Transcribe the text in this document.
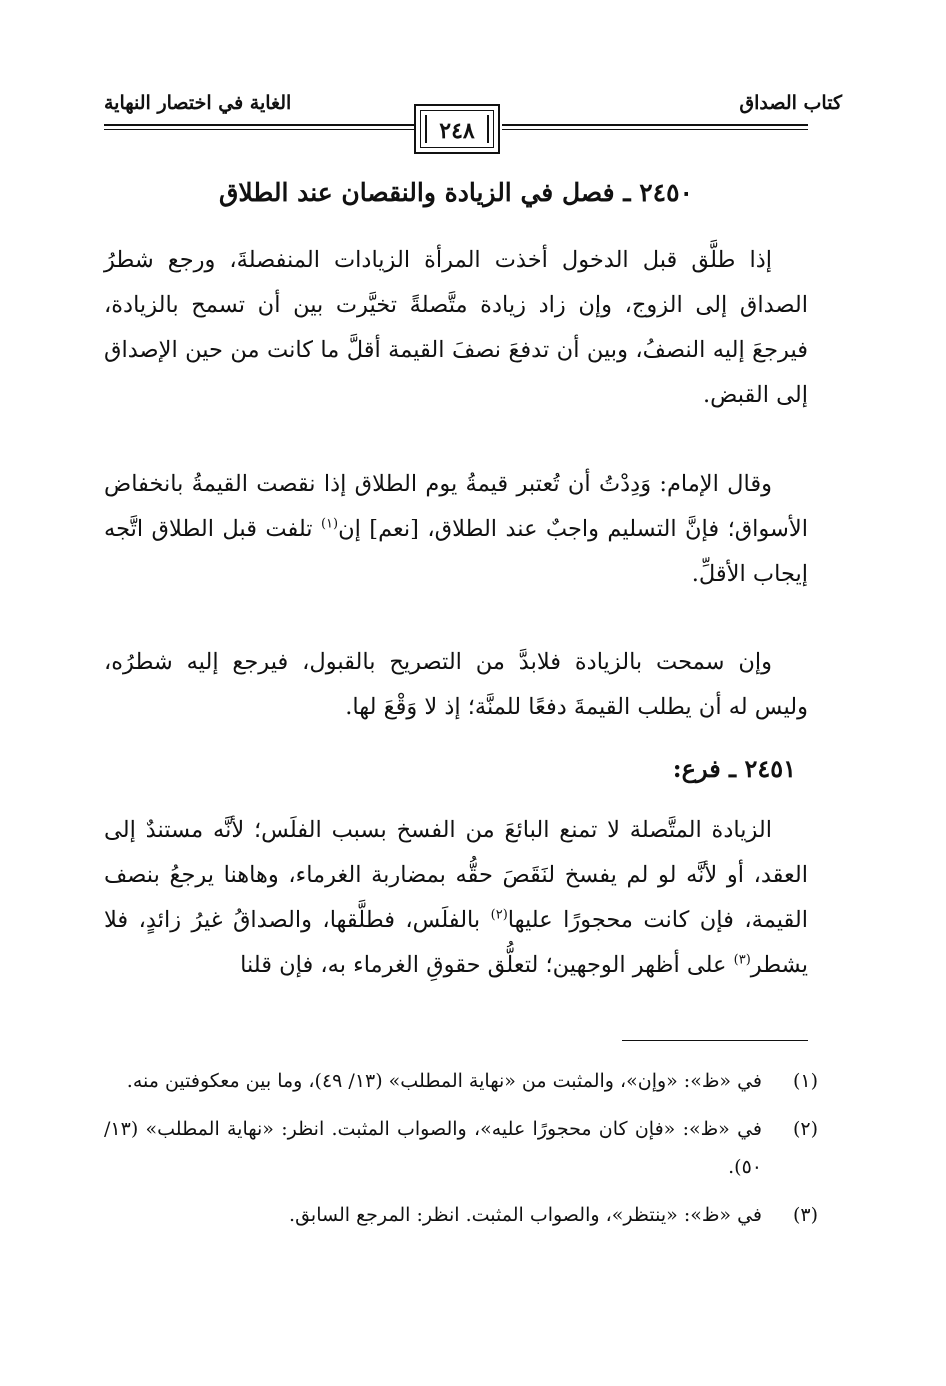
كتاب الصداق
الغاية في اختصار النهاية
٢٤٨
٢٤٥٠ ـ فصل في الزيادة والنقصان عند الطلاق

إذا طلَّق قبل الدخول أخذت المرأة الزيادات المنفصلةَ، ورجع شطرُ الصداق إلى الزوج، وإن زاد زيادة متَّصلةً تخيَّرت بين أن تسمح بالزيادة، فيرجعَ إليه النصفُ، وبين أن تدفعَ نصفَ القيمة أقلَّ ما كانت من حين الإصداق إلى القبض.

وقال الإمام: وَدِدْتُ أن تُعتبر قيمةُ يوم الطلاق إذا نقصت القيمةُ بانخفاض الأسواق؛ فإنَّ التسليم واجبٌ عند الطلاق، [نعم] إن$^{(١)}$ تلفت قبل الطلاق اتَّجه إيجاب الأقلِّ.

وإن سمحت بالزيادة فلابدَّ من التصريح بالقبول، فيرجع إليه شطرُه، وليس له أن يطلب القيمةَ دفعًا للمنَّة؛ إذ لا وَقْعَ لها.

٢٤٥١ ـ فرع:

الزيادة المتَّصلة لا تمنع البائعَ من الفسخ بسبب الفلَس؛ لأنَّه مستندٌ إلى العقد، أو لأنَّه لو لم يفسخ لنَقَصَ حقُّه بمضاربة الغرماء، وهاهنا يرجعُ بنصف القيمة، فإن كانت محجورًا عليها$^{(٢)}$ بالفلَس، فطلَّقها، والصداقُ غيرُ زائدٍ، فلا يشطر$^{(٣)}$ على أظهر الوجهين؛ لتعلُّق حقوقِ الغرماء به، فإن قلنا

(١)
في «ظ»: «وإن»، والمثبت من «نهاية المطلب» (١٣/ ٤٩)، وما بين معكوفتين منه.
(٢)
في «ظ»: «فإن كان محجورًا عليه»، والصواب المثبت. انظر: «نهاية المطلب» (١٣/ ٥٠).
(٣)
في «ظ»: «ينتظر»، والصواب المثبت. انظر: المرجع السابق.
